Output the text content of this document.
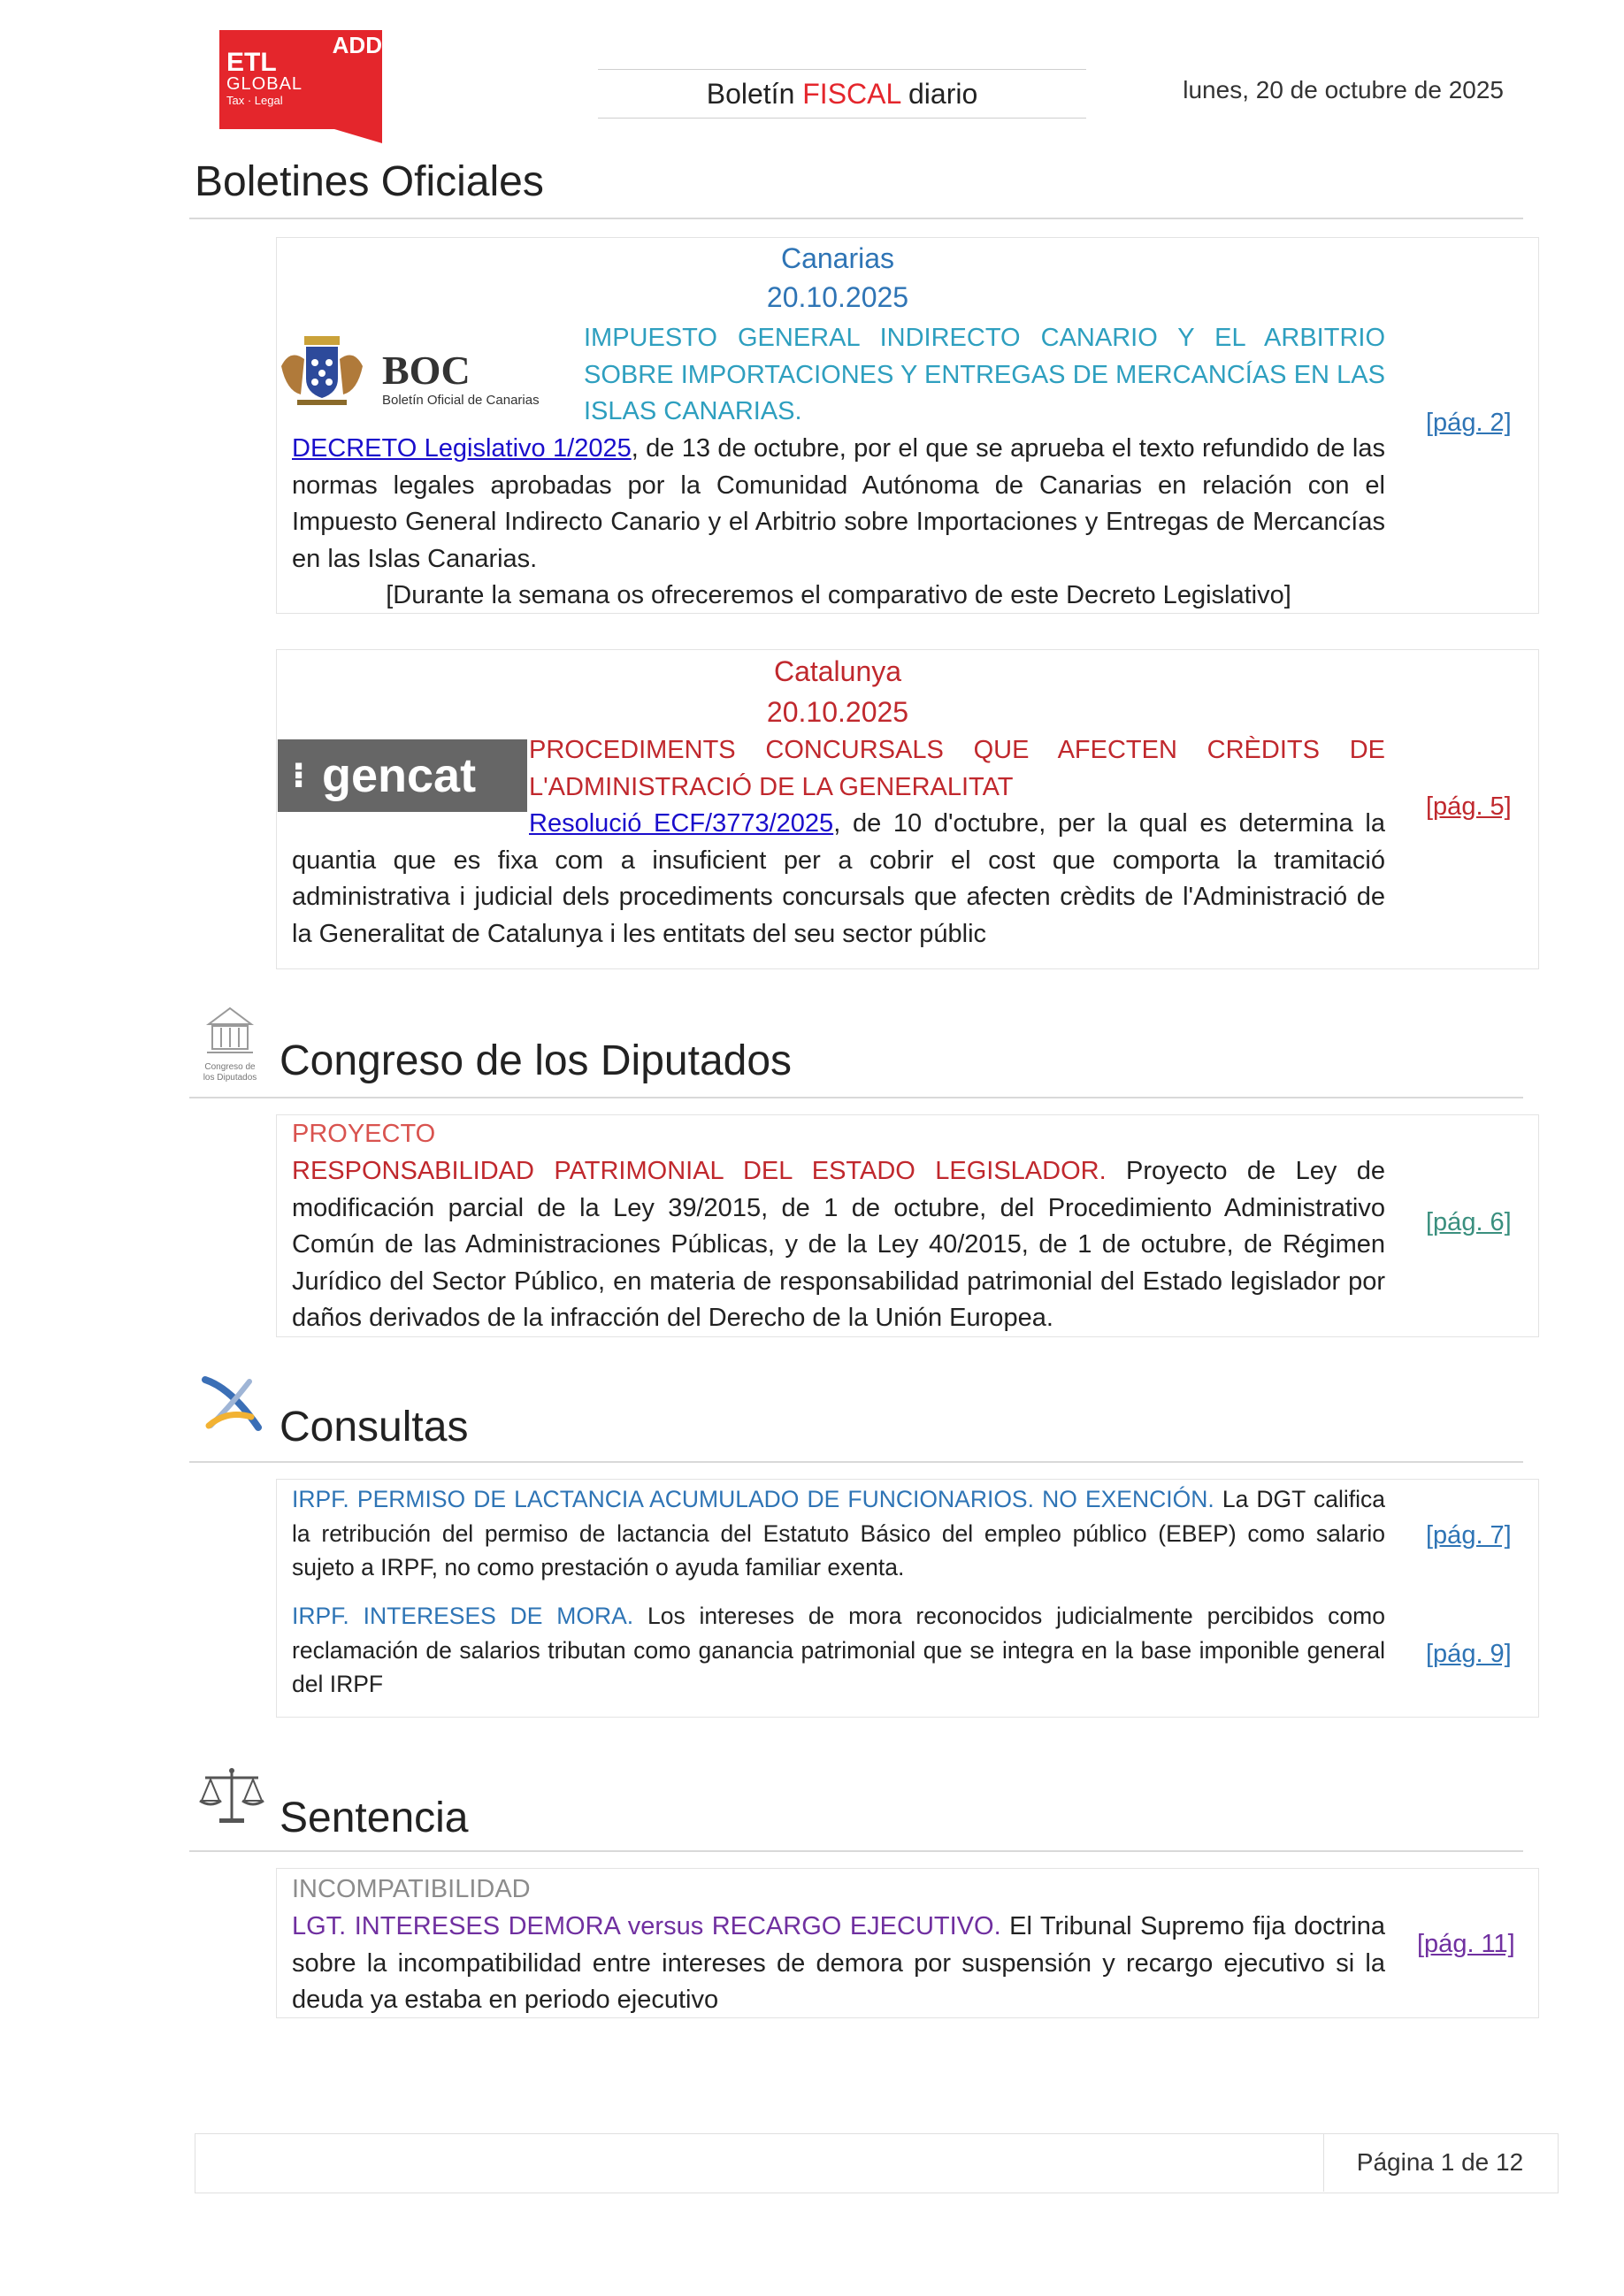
ADD
ETL
GLOBAL
Tax · Legal	Boletín FISCAL diario	lunes, 20 de octubre de 2025
Boletines Oficiales
Canarias
20.10.2025
BOC
Boletín Oficial de Canarias
IMPUESTO GENERAL INDIRECTO CANARIO Y EL ARBITRIO SOBRE IMPORTACIONES Y ENTREGAS DE MERCANCÍAS EN LAS ISLAS CANARIAS.
DECRETO Legislativo 1/2025, de 13 de octubre, por el que se aprueba el texto refundido de las normas legales aprobadas por la Comunidad Autónoma de Canarias en relación con el Impuesto General Indirecto Canario y el Arbitrio sobre Importaciones y Entregas de Mercancías en las Islas Canarias.
[Durante la semana os ofreceremos el comparativo de este Decreto Legislativo]
[pág. 2]
Catalunya
20.10.2025
⁝ gencat PROCEDIMENTS CONCURSALS QUE AFECTEN CRÈDITS DE L'ADMINISTRACIÓ DE LA GENERALITAT
Resolució ECF/3773/2025, de 10 d'octubre, per la qual es determina la quantia que es fixa com a insuficient per a cobrir el cost que comporta la tramitació administrativa i judicial dels procediments concursals que afecten crèdits de l'Administració de la Generalitat de Catalunya i les entitats del seu sector públic
[pág. 5]
Congreso de los Diputados Congreso de los Diputados
PROYECTO
RESPONSABILIDAD PATRIMONIAL DEL ESTADO LEGISLADOR. Proyecto de Ley de modificación parcial de la Ley 39/2015, de 1 de octubre, del Procedimiento Administrativo Común de las Administraciones Públicas, y de la Ley 40/2015, de 1 de octubre, de Régimen Jurídico del Sector Público, en materia de responsabilidad patrimonial del Estado legislador por daños derivados de la infracción del Derecho de la Unión Europea.
[pág. 6]
Consultas
IRPF. PERMISO DE LACTANCIA ACUMULADO DE FUNCIONARIOS. NO EXENCIÓN. La DGT califica la retribución del permiso de lactancia del Estatuto Básico del empleo público (EBEP) como salario sujeto a IRPF, no como prestación o ayuda familiar exenta.
[pág. 7]
IRPF. INTERESES DE MORA. Los intereses de mora reconocidos judicialmente percibidos como reclamación de salarios tributan como ganancia patrimonial que se integra en la base imponible general del IRPF
[pág. 9]
Sentencia
INCOMPATIBILIDAD
LGT. INTERESES DEMORA versus RECARGO EJECUTIVO. El Tribunal Supremo fija doctrina sobre la incompatibilidad entre intereses de demora por suspensión y recargo ejecutivo si la deuda ya estaba en periodo ejecutivo
[pág. 11]
Página 1 de 12
